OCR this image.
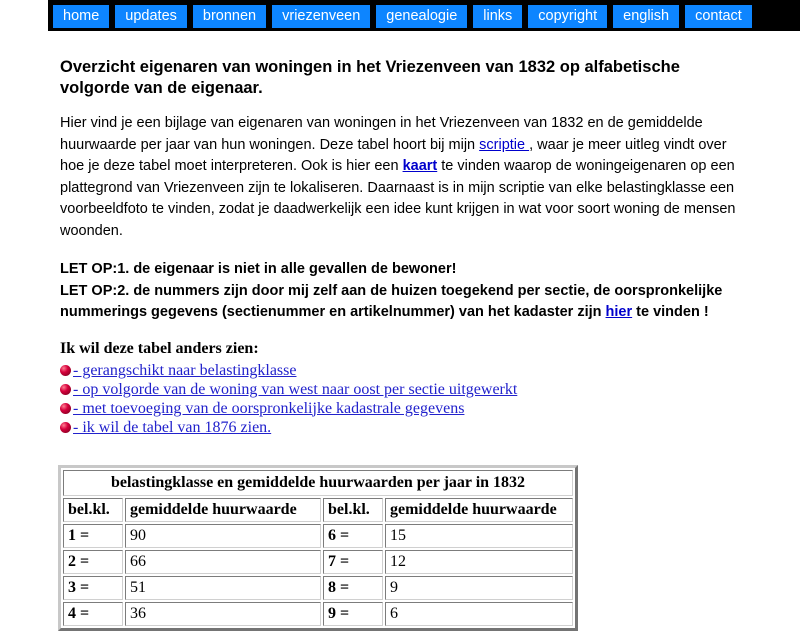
home updates bronnen vriezenveen genealogie links copyright english contact
Overzicht eigenaren van woningen in het Vriezenveen van 1832 op alfabetische volgorde van de eigenaar.

Hier vind je een bijlage van eigenaren van woningen in het Vriezenveen van 1832 en de gemiddelde huurwaarde per jaar van hun woningen. Deze tabel hoort bij mijn scriptie , waar je meer uitleg vindt over hoe je deze tabel moet interpreteren. Ook is hier een kaart te vinden waarop de woningeigenaren op een plattegrond van Vriezenveen zijn te lokaliseren. Daarnaast is in mijn scriptie van elke belastingklasse een voorbeeldfoto te vinden, zodat je daadwerkelijk een idee kunt krijgen in wat voor soort woning de mensen woonden.

LET OP:1. de eigenaar is niet in alle gevallen de bewoner!
LET OP:2. de nummers zijn door mij zelf aan de huizen toegekend per sectie, de oorspronkelijke nummerings gegevens (sectienummer en artikelnummer) van het kadaster zijn hier te vinden !

Ik wil deze tabel anders zien:
- gerangschikt naar belastingklasse
- op volgorde van de woning van west naar oost per sectie uitgewerkt
- met toevoeging van de oorspronkelijke kadastrale gegevens
- ik wil de tabel van 1876 zien.
belastingklasse en gemiddelde huurwaarden per jaar in 1832			
bel.kl.	gemiddelde huurwaarde	bel.kl.	gemiddelde huurwaarde
1 =	90	6 =	15
2 =	66	7 =	12
3 =	51	8 =	9
4 =	36	9 =	6
